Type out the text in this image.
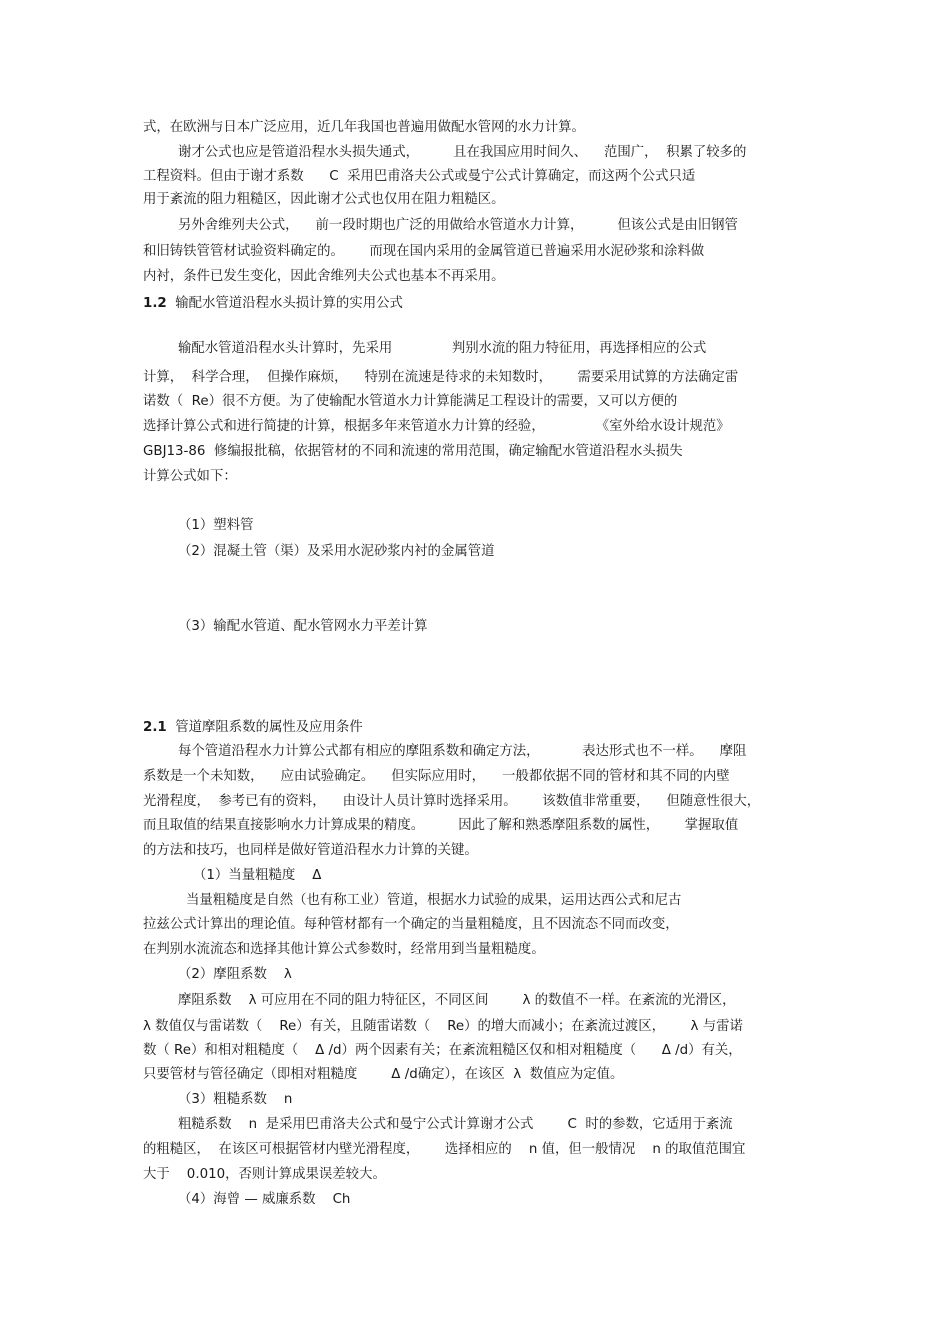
式，在欧洲与日本广泛应用，近几年我国也普遍用做配水管网的水力计算。

谢才公式也应是管道沿程水头损失通式，        且在我国应用时间久、    范围广，  积累了较多的

工程资料。但由于谢才系数      C  采用巴甫洛夫公式或曼宁公式计算确定，而这两个公式只适

用于紊流的阻力粗糙区，因此谢才公式也仅用在阻力粗糙区。

另外舍维列夫公式，    前一段时期也广泛的用做给水管道水力计算，        但该公式是由旧钢管

和旧铸铁管管材试验资料确定的。      而现在国内采用的金属管道已普遍采用水泥砂浆和涂料做

内衬，条件已发生变化，因此舍维列夫公式也基本不再采用。

1.2 输配水管道沿程水头损计算的实用公式

输配水管道沿程水头计算时，先采用              判别水流的阻力特征用，再选择相应的公式

计算，  科学合理，  但操作麻烦，    特别在流速是待求的未知数时，      需要采用试算的方法确定雷

诺数（  Re）很不方便。为了使输配水管道水力计算能满足工程设计的需要，又可以方便的

选择计算公式和进行简捷的计算，根据多年来管道水力计算的经验，            《室外给水设计规范》

GBJ13-86  修编报批稿，依据管材的不同和流速的常用范围，确定输配水管道沿程水头损失

计算公式如下：

（1）塑料管

（2）混凝土管（渠）及采用水泥砂浆内衬的金属管道

（3）输配水管道、配水管网水力平差计算

2.1 管道摩阻系数的属性及应用条件

每个管道沿程水力计算公式都有相应的摩阻系数和确定方法，          表达形式也不一样。    摩阻

系数是一个未知数，    应由试验确定。    但实际应用时，    一般都依据不同的管材和其不同的内壁

光滑程度，  参考已有的资料，    由设计人员计算时选择采用。      该数值非常重要，    但随意性很大，

而且取值的结果直接影响水力计算成果的精度。        因此了解和熟悉摩阻系数的属性，      掌握取值

的方法和技巧，也同样是做好管道沿程水力计算的关键。

（1）当量粗糙度    Δ

当量粗糙度是自然（也有称工业）管道，根据水力试验的成果，运用达西公式和尼古

拉兹公式计算出的理论值。每种管材都有一个确定的当量粗糙度，且不因流态不同而改变，

在判别水流流态和选择其他计算公式参数时，经常用到当量粗糙度。

（2）摩阻系数    λ

摩阻系数    λ 可应用在不同的阻力特征区，不同区间        λ 的数值不一样。在紊流的光滑区，

λ 数值仅与雷诺数（    Re）有关，且随雷诺数（    Re）的增大而减小；在紊流过渡区，      λ 与雷诺

数（ Re）和相对粗糙度（    Δ /d）两个因素有关；在紊流粗糙区仅和相对粗糙度（      Δ /d）有关，

只要管材与管径确定（即相对粗糙度        Δ /d确定），在该区  λ  数值应为定值。

（3）粗糙系数    n

粗糙系数    n  是采用巴甫洛夫公式和曼宁公式计算谢才公式        C  时的参数，它适用于紊流

的粗糙区，  在该区可根据管材内壁光滑程度，      选择相应的    n 值，但一般情况    n 的取值范围宜

大于    0.010，否则计算成果误差较大。

（4）海曾 — 威廉系数    Ch
